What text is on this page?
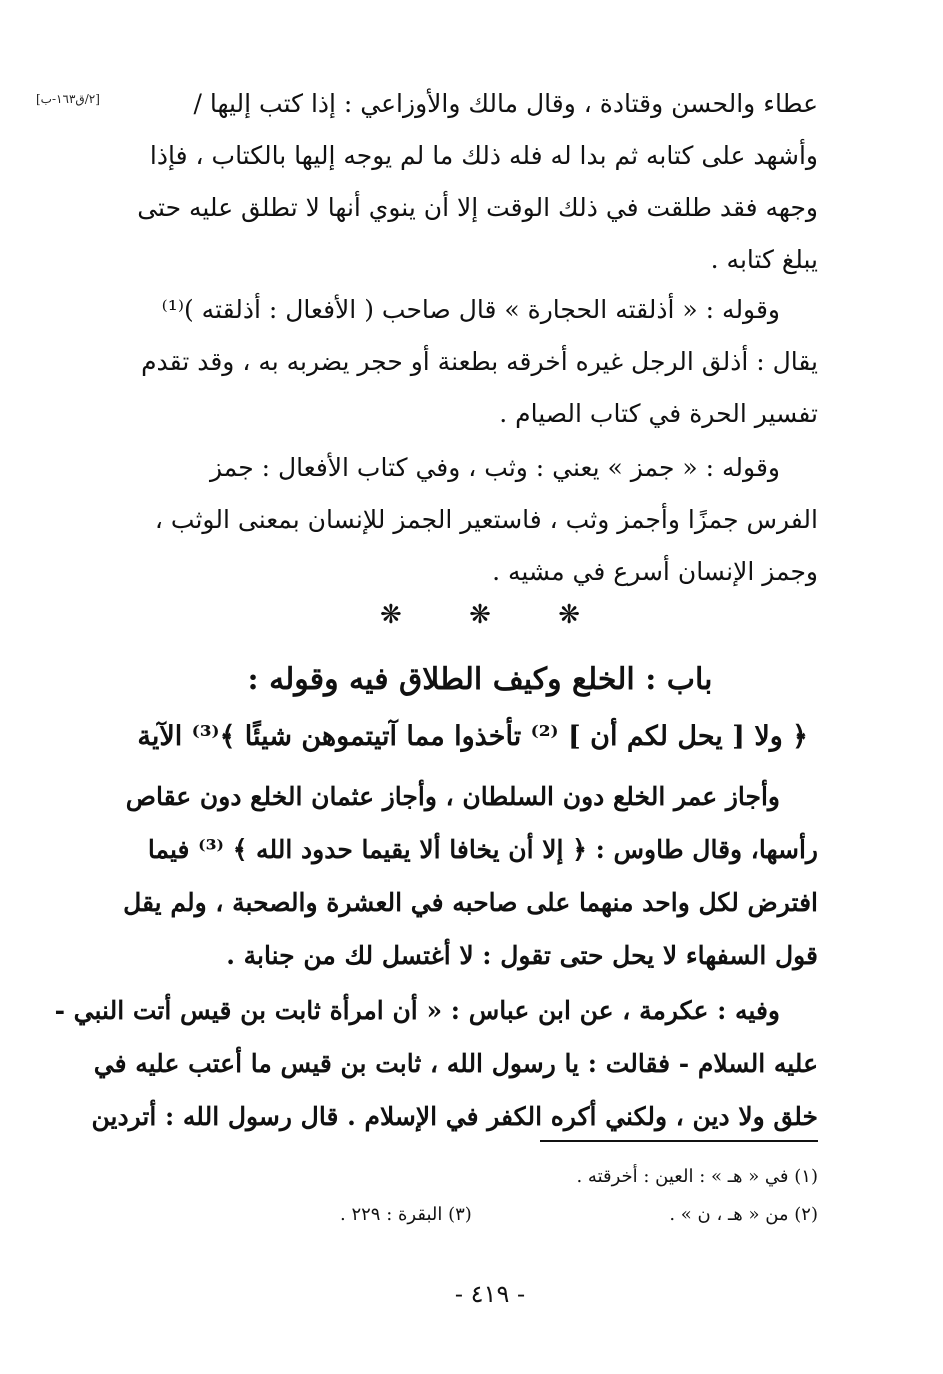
[٢/ق١٦٣-ب]	عطاء والحسن وقتادة ، وقال مالك والأوزاعي : إذا كتب إليها /
وأشهد على كتابه ثم بدا له فله ذلك ما لم يوجه إليها بالكتاب ، فإذا
وجهه فقد طلقت في ذلك الوقت إلا أن ينوي أنها لا تطلق عليه حتى
يبلغ كتابه .
وقوله : « أذلقته الحجارة » قال صاحب ( الأفعال : أذلقته )⁽¹⁾
يقال : أذلق الرجل غيره أخرقه بطعنة أو حجر يضربه به ، وقد تقدم
تفسير الحرة في كتاب الصيام .
وقوله : « جمز » يعني : وثب ، وفي كتاب الأفعال : جمز
الفرس جمزًا وأجمز وثب ، فاستعير الجمز للإنسان بمعنى الوثب ،
وجمز الإنسان أسرع في مشيه .
❋	❋	❋
باب : الخلع وكيف الطلاق فيه وقوله :
﴿ ولا [ يحل لكم أن ] ⁽²⁾ تأخذوا مما آتيتموهن شيئًا ﴾⁽³⁾ الآية
وأجاز عمر الخلع دون السلطان ، وأجاز عثمان الخلع دون عقاص
رأسها، وقال طاوس : ﴿ إلا أن يخافا ألا يقيما حدود الله ﴾ ⁽³⁾ فيما
افترض لكل واحد منهما على صاحبه في العشرة والصحبة ، ولم يقل
قول السفهاء لا يحل حتى تقول : لا أغتسل لك من جنابة .
وفيه : عكرمة ، عن ابن عباس : « أن امرأة ثابت بن قيس أتت النبي -
عليه السلام - فقالت : يا رسول الله ، ثابت بن قيس ما أعتب عليه في
خلق ولا دين ، ولكني أكره الكفر في الإسلام . قال رسول الله : أتردين
(١) في « هـ » : العين : أخرقته .
(٢) من « هـ ، ن » .
(٣) البقرة : ٢٢٩ .
- ٤١٩ -
